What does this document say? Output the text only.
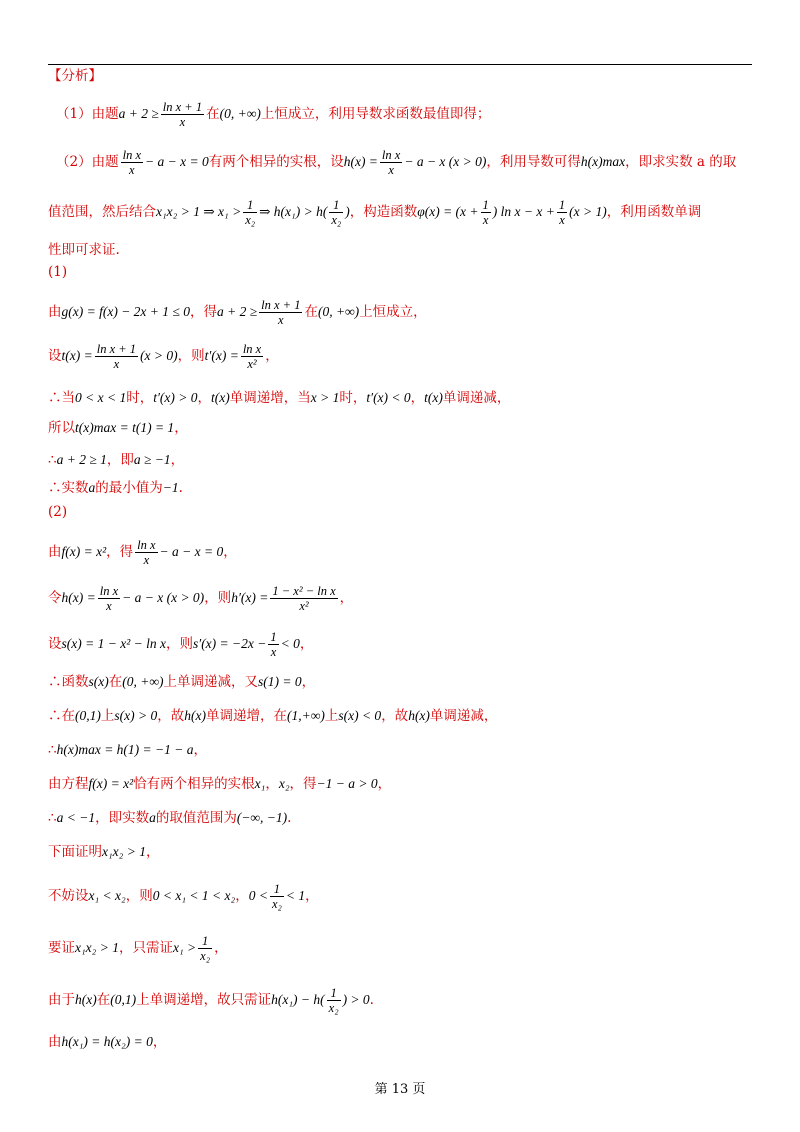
【分析】
（1）由题$a + 2 \ge \frac{\text{ln x + 1}}{x}$ 在(0, +∞)上恒成立，利用导数求函数最值即得；
（2）由题 $\frac{\text{ln x}}{x} - a - x = 0$有两个相异的实根，设$h(x) = \frac{\text{ln x}}{x} - a - x$ (x > 0)，利用导数可得h(x)max，即求实数 a 的取
值范围，然后结合x₁x₂ > 1 ⇒ $x_1 > \frac{1}{\text{x₂}}$ ⇒ $h(x_1) > h( \frac{1}{\text{x₂}}$ )，构造函数$\varphi(x) = (x + \frac{1}{x}$ ) $\ln x - x + \frac{1}{x} (x > 1)$，利用函数单调
性即可求证.
(1)
由g(x) = f(x) − 2x + 1 ≤ 0，得$a + 2 \ge \frac{\text{ln x + 1}}{x}$ 在(0, +∞)上恒成立，
设$t(x) = \frac{\text{ln x + 1}}{x} (x > 0)$，则$t'(x) = \frac{\text{ln x}}{\text{x²}}$ ，
∴当0 < x < 1时，t′(x) > 0，t(x)单调递增，当x > 1时，t′(x) < 0，t(x)单调递减，
所以t(x)max = t(1) = 1，
∴a + 2 ≥ 1，即a ≥ −1，
∴实数a的最小值为−1.
(2)
由f(x) = x²，得 $\frac{\text{ln x}}{x} - a - x = 0$，
令$h(x) = \frac{\text{ln x}}{x} - a - x$ (x > 0)，则$h'(x) = \frac{\text{1 − x² − ln x}}{\text{x²}}$ ，
设s(x) = 1 − x² − ln x，则$s'(x) = -2x - \frac{1}{x} < 0$，
∴函数s(x)在(0, +∞)上单调递减，又s(1) = 0，
∴在(0,1)上s(x) > 0，故h(x)单调递增，在(1,+∞)上s(x) < 0，故h(x)单调递减，
∴h(x)max = h(1) = −1 − a，
由方程f(x) = x²恰有两个相异的实根x₁，x₂，得−1 − a > 0，
∴a < −1，即实数a的取值范围为(−∞, −1).
下面证明x₁x₂ > 1，
不妨设x₁ < x₂，则0 < x₁ < 1 < x₂，$0 < \frac{1}{\text{x₂}} < 1$，
要证x₁x₂ > 1，只需证$x_1 > \frac{1}{\text{x₂}}$ ，
由于h(x)在(0,1)上单调递增，故只需证$h(x_1) - h( \frac{1}{\text{x₂}}$ ) > 0.
由h(x₁) = h(x₂) = 0，
第 13 页
